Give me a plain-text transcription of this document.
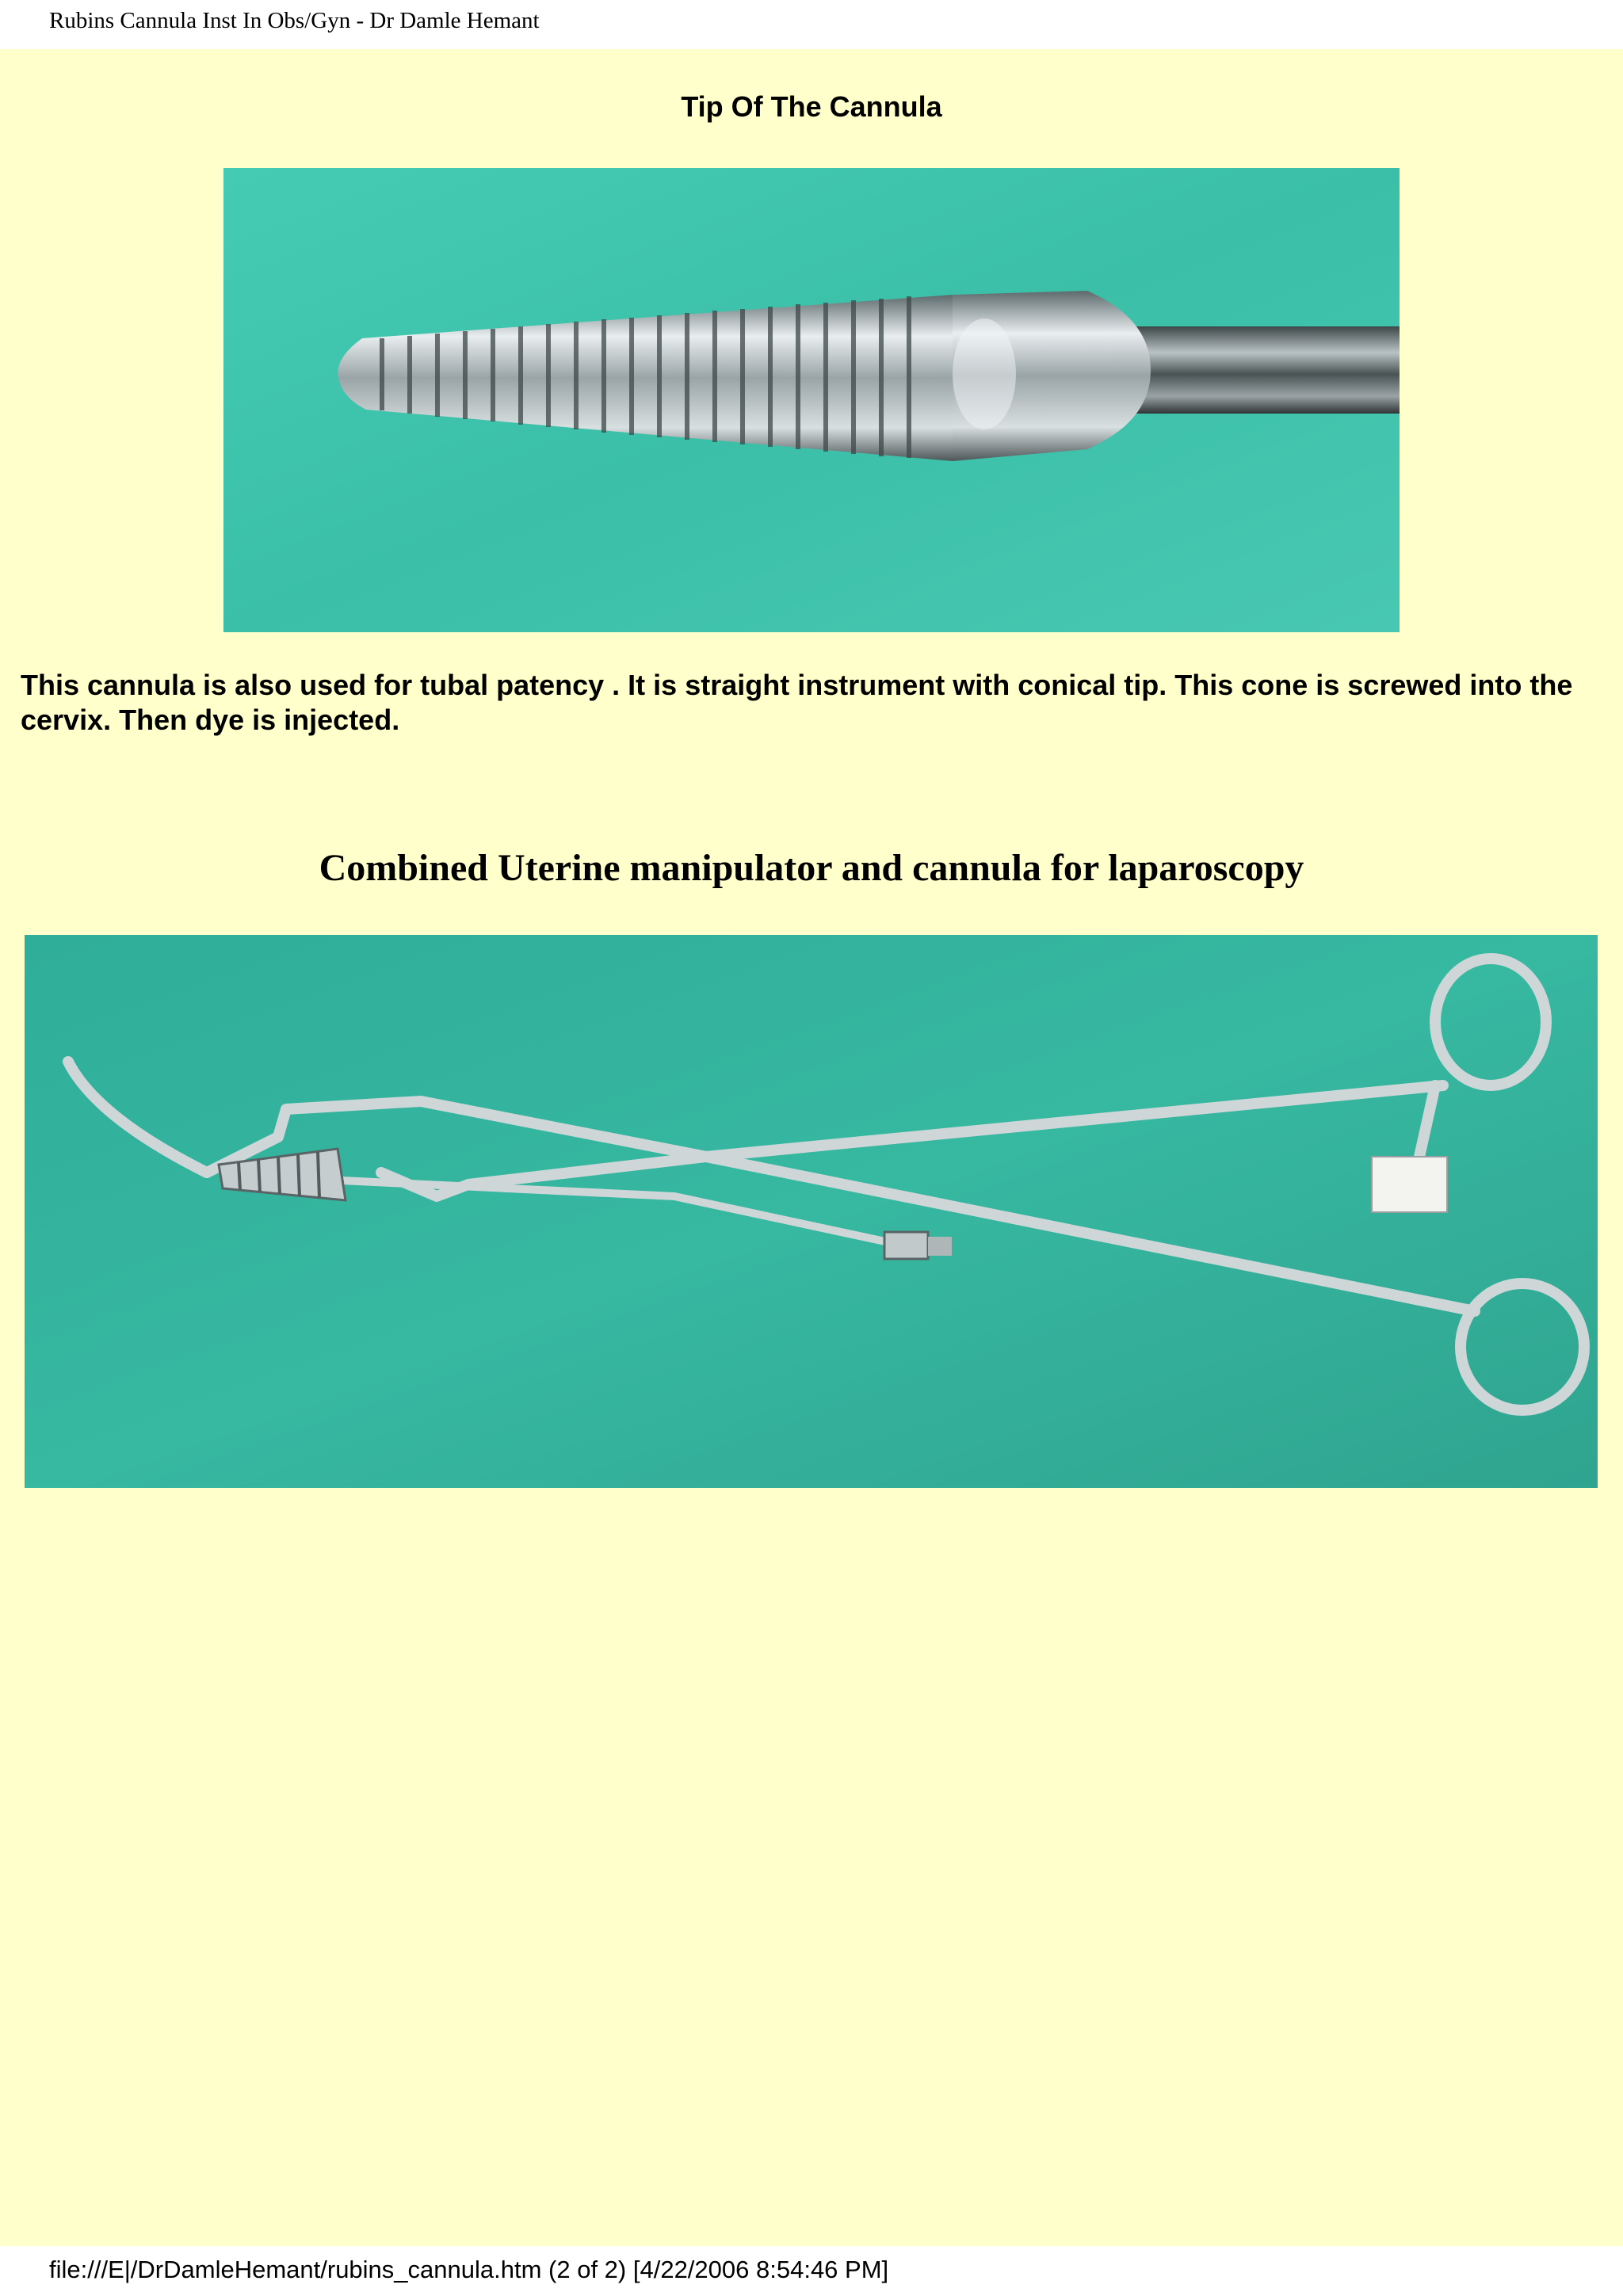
Rubins Cannula Inst In Obs/Gyn - Dr Damle Hemant
Tip Of The Cannula
This cannula is also used for tubal patency . It is straight instrument with conical tip. This cone is screwed into the cervix. Then dye is injected.
Combined Uterine manipulator and cannula for laparoscopy
file:///E|/DrDamleHemant/rubins_cannula.htm (2 of 2) [4/22/2006 8:54:46 PM]
